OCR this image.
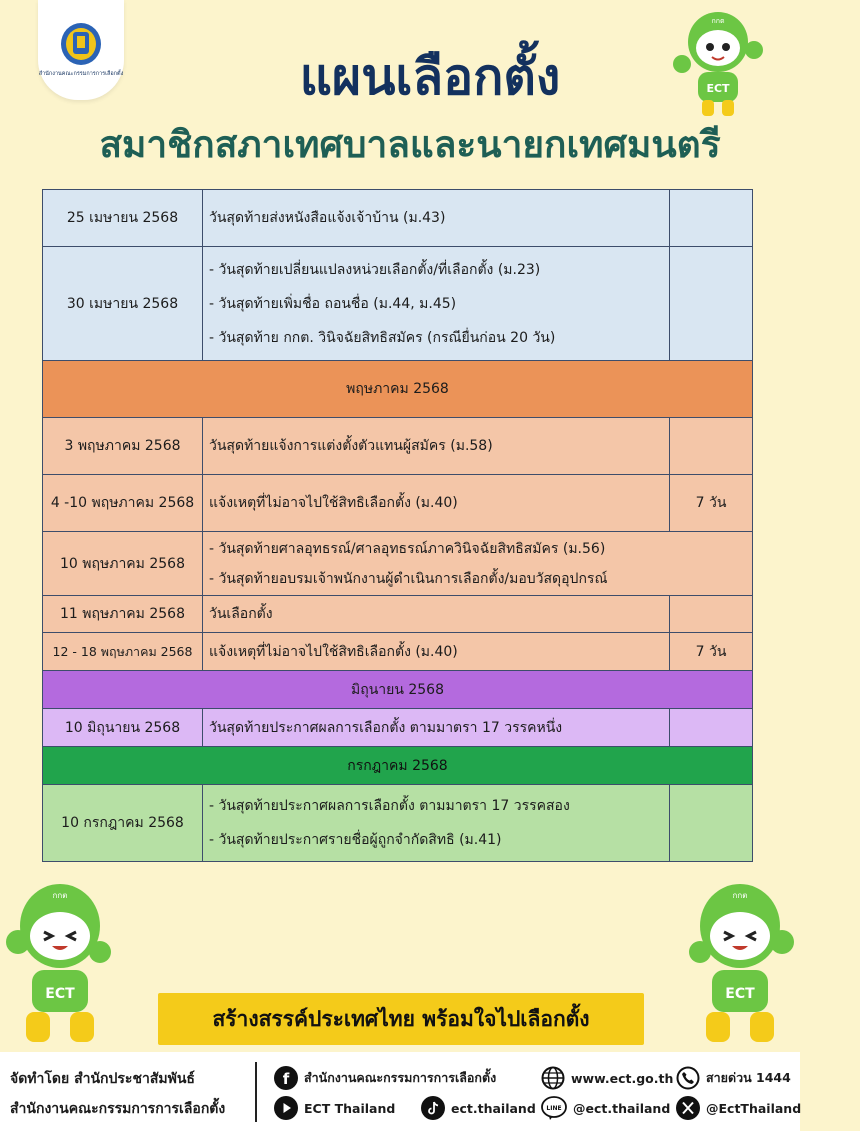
สำนักงานคณะกรรมการการเลือกตั้ง	แผนเลือกตั้ง
สมาชิกสภาเทศบาลและนายกเทศมนตรี
ECT
กกต
25 เมษายน 2568	วันสุดท้ายส่งหนังสือแจ้งเจ้าบ้าน (ม.43)	

30 เมษายน 2568	- วันสุดท้ายเปลี่ยนแปลงหน่วยเลือกตั้ง/ที่เลือกตั้ง (ม.23)
- วันสุดท้ายเพิ่มชื่อ ถอนชื่อ (ม.44, ม.45)
- วันสุดท้าย กกต. วินิจฉัยสิทธิสมัคร (กรณียื่นก่อน 20 วัน)	

พฤษภาคม 2568		
3 พฤษภาคม 2568	วันสุดท้ายแจ้งการแต่งตั้งตัวแทนผู้สมัคร (ม.58)	

4 -10 พฤษภาคม 2568	แจ้งเหตุที่ไม่อาจไปใช้สิทธิเลือกตั้ง (ม.40)	7 วัน
10 พฤษภาคม 2568	- วันสุดท้ายศาลอุทธรณ์/ศาลอุทธรณ์ภาควินิจฉัยสิทธิสมัคร (ม.56)
- วันสุดท้ายอบรมเจ้าพนักงานผู้ดำเนินการเลือกตั้ง/มอบวัสดุอุปกรณ์	

11 พฤษภาคม 2568	วันเลือกตั้ง	

12 - 18 พฤษภาคม 2568	แจ้งเหตุที่ไม่อาจไปใช้สิทธิเลือกตั้ง (ม.40)	7 วัน
มิถุนายน 2568		
10 มิถุนายน 2568	วันสุดท้ายประกาศผลการเลือกตั้ง ตามมาตรา 17 วรรคหนึ่ง	

กรกฎาคม 2568		
10 กรกฎาคม 2568	- วันสุดท้ายประกาศผลการเลือกตั้ง ตามมาตรา 17 วรรคสอง
- วันสุดท้ายประกาศรายชื่อผู้ถูกจำกัดสิทธิ (ม.41)	

ECT
กกต
ECT
กกต
สร้างสรรค์ประเทศไทย พร้อมใจไปเลือกตั้ง
จัดทำโดย สำนักประชาสัมพันธ์
สำนักงานคณะกรรมการการเลือกตั้ง
f สำนักงานคณะกรรมการการเลือกตั้ง	www.ect.go.th	สายด่วน 1444
ECT Thailand	ect.thailand LINE @ect.thailand	@EctThailand
